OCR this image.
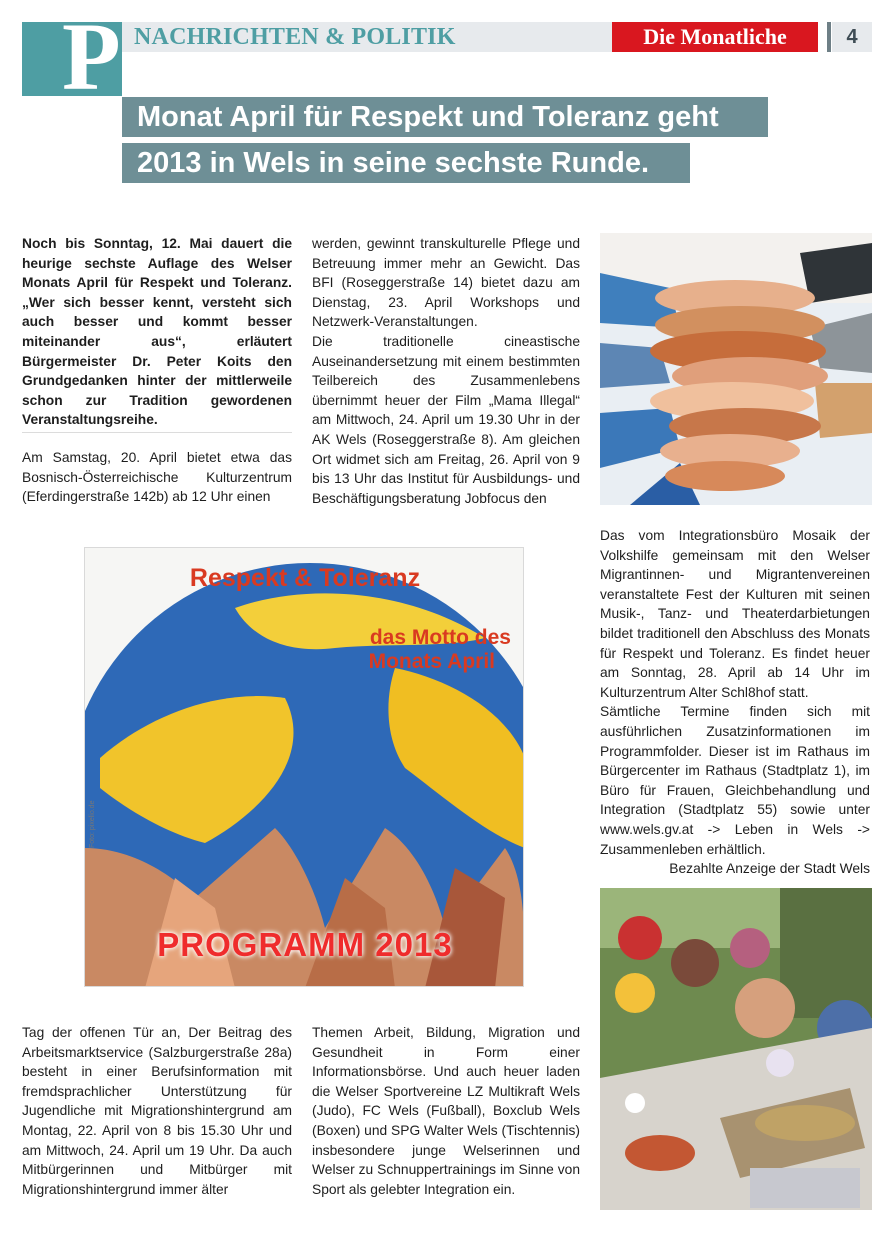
P NACHRICHTEN & POLITIK	Die Monatliche	4
Monat April für Respekt und Toleranz geht
2013 in Wels in seine sechste Runde.
Noch bis Sonntag, 12. Mai dauert die heurige sechste Auflage des Welser Monats April für Respekt und Toleranz. „Wer sich besser kennt, versteht sich auch besser und kommt besser miteinander aus“, erläutert Bürgermeister Dr. Peter Koits den Grundgedanken hinter der mittlerweile schon zur Tradition gewordenen Veranstaltungsreihe.
Am Samstag, 20. April bietet etwa das Bosnisch-Österreichische Kulturzentrum (Eferdingerstraße 142b) ab 12 Uhr einen

werden, gewinnt transkulturelle Pflege und Betreuung immer mehr an Gewicht. Das BFI (Roseggerstraße 14) bietet dazu am Dienstag, 23. April Workshops und Netzwerk-Veranstaltungen.

Die traditionelle cineastische Auseinandersetzung mit einem bestimmten Teilbereich des Zusammenlebens übernimmt heuer der Film „Mama Illegal“ am Mittwoch, 24. April um 19.30 Uhr in der AK Wels (Roseggerstraße 8). Am gleichen Ort widmet sich am Freitag, 26. April von 9 bis 13 Uhr das Institut für Ausbildungs- und Beschäftigungsberatung Jobfocus den

Respekt & Toleranz
das Motto des
Monats April
PROGRAMM 2013
Foto: pixelio.de

Das vom Integrationsbüro Mosaik der Volkshilfe gemeinsam mit den Welser Migrantinnen- und Migrantenvereinen veranstaltete Fest der Kulturen mit seinen Musik-, Tanz- und Theaterdarbietungen bildet traditionell den Abschluss des Monats für Respekt und Toleranz. Es findet heuer am Sonntag, 28. April ab 14 Uhr im Kulturzentrum Alter Schl8hof statt.

Sämtliche Termine finden sich mit ausführlichen Zusatzinformationen im Programmfolder. Dieser ist im Rathaus im Bürgercenter im Rathaus (Stadtplatz 1), im Büro für Frauen, Gleichbehandlung und Integration (Stadtplatz 55) sowie unter www.wels.gv.at -> Leben in Wels -> Zusammenleben erhältlich.

Bezahlte Anzeige der Stadt Wels

Tag der offenen Tür an, Der Beitrag des Arbeitsmarktservice (Salzburgerstraße 28a) besteht in einer Berufsinformation mit fremdsprachlicher Unterstützung für Jugendliche mit Migrationshintergrund am Montag, 22. April von 8 bis 15.30 Uhr und am Mittwoch, 24. April um 19 Uhr. Da auch Mitbürgerinnen und Mitbürger mit Migrationshintergrund immer älter
Themen Arbeit, Bildung, Migration und Gesundheit in Form einer Informationsbörse. Und auch heuer laden die Welser Sportvereine LZ Multikraft Wels (Judo), FC Wels (Fußball), Boxclub Wels (Boxen) und SPG Walter Wels (Tischtennis) insbesondere junge Welserinnen und Welser zu Schnuppertrainings im Sinne von Sport als gelebter Integration ein.
